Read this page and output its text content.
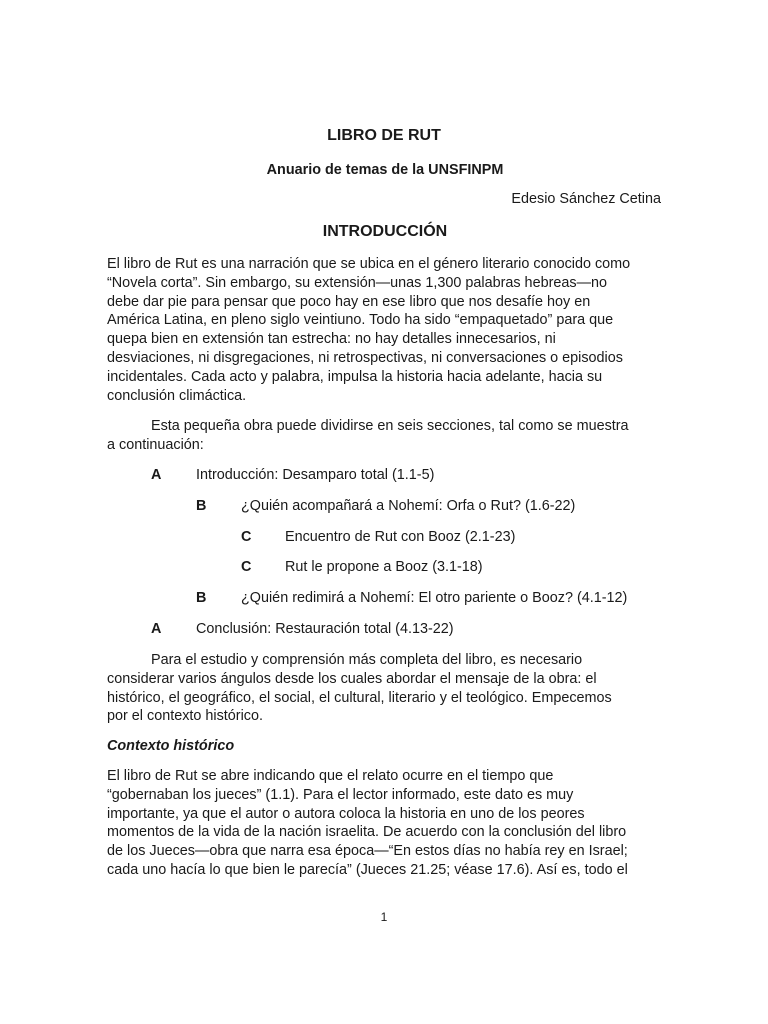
LIBRO DE RUT
Anuario de temas de la UNSFINPM
Edesio Sánchez Cetina
INTRODUCCIÓN
El libro de Rut es una narración que se ubica en el género literario conocido como
“Novela corta”. Sin embargo, su extensión—unas 1,300 palabras hebreas—no
debe dar pie para pensar que poco hay en ese libro que nos desafíe hoy en
América Latina, en pleno siglo veintiuno. Todo ha sido “empaquetado” para que
quepa bien en extensión tan estrecha: no hay detalles innecesarios, ni
desviaciones, ni disgregaciones, ni retrospectivas, ni conversaciones o episodios
incidentales. Cada acto y palabra, impulsa la historia hacia adelante, hacia su
conclusión climáctica.
Esta pequeña obra puede dividirse en seis secciones, tal como se muestra
a continuación:
A Introducción: Desamparo total (1.1-5)
B ¿Quién acompañará a Nohemí: Orfa o Rut? (1.6-22)
C Encuentro de Rut con Booz (2.1-23)
C Rut le propone a Booz (3.1-18)
B ¿Quién redimirá a Nohemí: El otro pariente o Booz? (4.1-12)
A Conclusión: Restauración total (4.13-22)
Para el estudio y comprensión más completa del libro, es necesario
considerar varios ángulos desde los cuales abordar el mensaje de la obra: el
histórico, el geográfico, el social, el cultural, literario y el teológico. Empecemos
por el contexto histórico.
Contexto histórico
El libro de Rut se abre indicando que el relato ocurre en el tiempo que
“gobernaban los jueces” (1.1). Para el lector informado, este dato es muy
importante, ya que el autor o autora coloca la historia en uno de los peores
momentos de la vida de la nación israelita. De acuerdo con la conclusión del libro
de los Jueces—obra que narra esa época—“En estos días no había rey en Israel;
cada uno hacía lo que bien le parecía” (Jueces 21.25; véase 17.6). Así es, todo el
1
